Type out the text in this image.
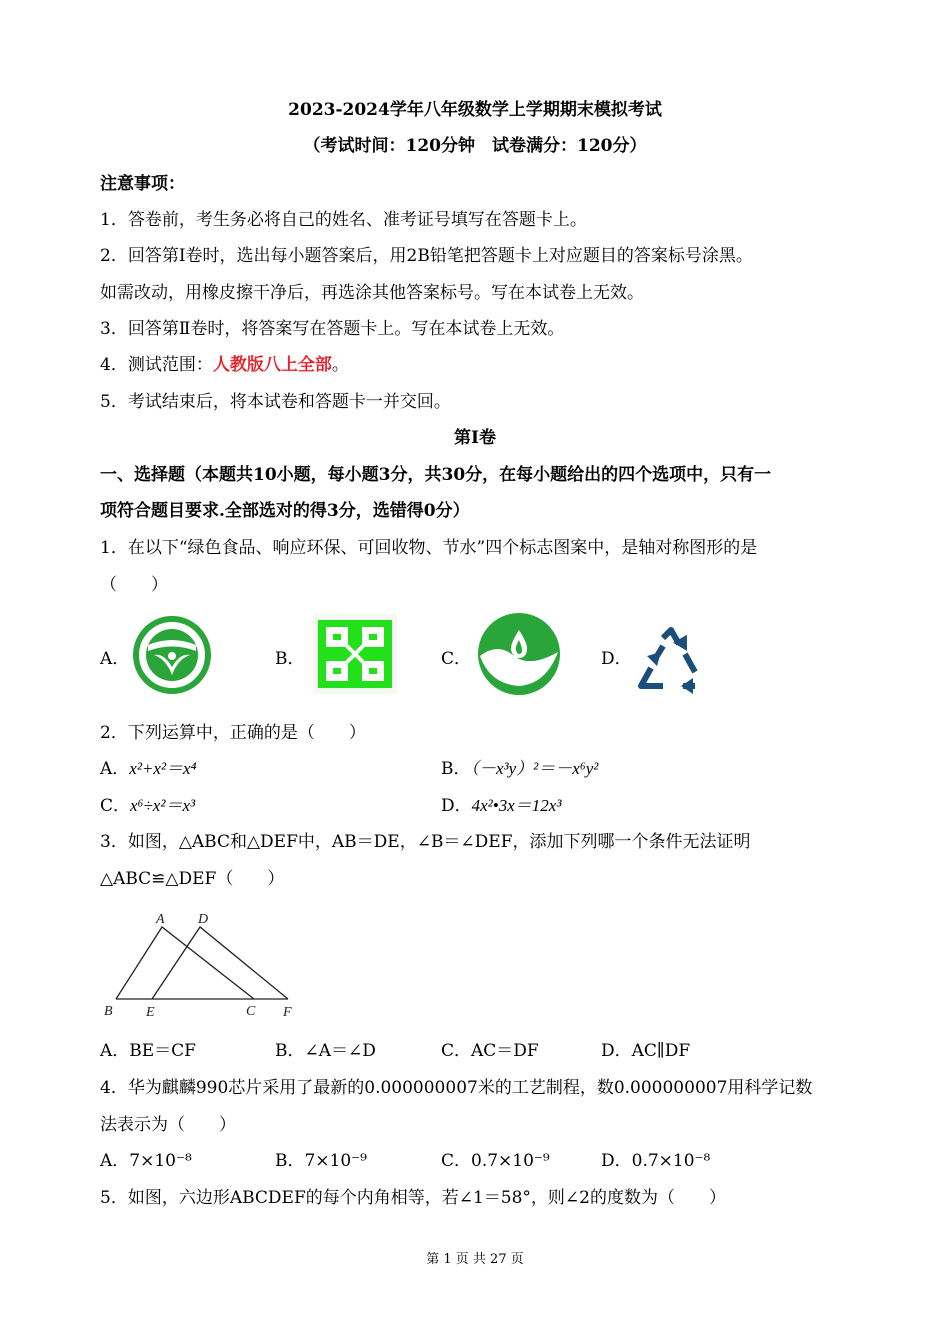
2023-2024学年八年级数学上学期期末模拟考试
（考试时间：120分钟　试卷满分：120分）
注意事项：
1．答卷前，考生务必将自己的姓名、准考证号填写在答题卡上。
2．回答第Ⅰ卷时，选出每小题答案后，用2B铅笔把答题卡上对应题目的答案标号涂黑。
如需改动，用橡皮擦干净后，再选涂其他答案标号。写在本试卷上无效。
3．回答第Ⅱ卷时，将答案写在答题卡上。写在本试卷上无效。
4．测试范围：人教版八上全部。
5．考试结束后，将本试卷和答题卡一并交回。
第Ⅰ卷
一、选择题（本题共10小题，每小题3分，共30分，在每小题给出的四个选项中，只有一
项符合题目要求.全部选对的得3分，选错得0分）
1．在以下“绿色食品、响应环保、可回收物、节水”四个标志图案中，是轴对称图形的是
（　　）
A．	B．	C．	D．
2．下列运算中，正确的是（　　）
A．x²+x²＝x⁴	B．（－x³y）²＝－x⁶y²
C．x⁶÷x²＝x³	D．4x²•3x＝12x³
3．如图，△ABC和△DEF中，AB＝DE，∠B＝∠DEF，添加下列哪一个条件无法证明
△ABC≌△DEF（　　）
A D
B E	C F
A．BE＝CF	B．∠A＝∠D	C．AC＝DF	D．AC∥DF
4．华为麒麟990芯片采用了最新的0.000000007米的工艺制程，数0.000000007用科学记数
法表示为（　　）
A．7×10⁻⁸	B．7×10⁻⁹	C．0.7×10⁻⁹	D．0.7×10⁻⁸
5．如图，六边形ABCDEF的每个内角相等，若∠1＝58°，则∠2的度数为（　　）
第 1 页 共 27 页
